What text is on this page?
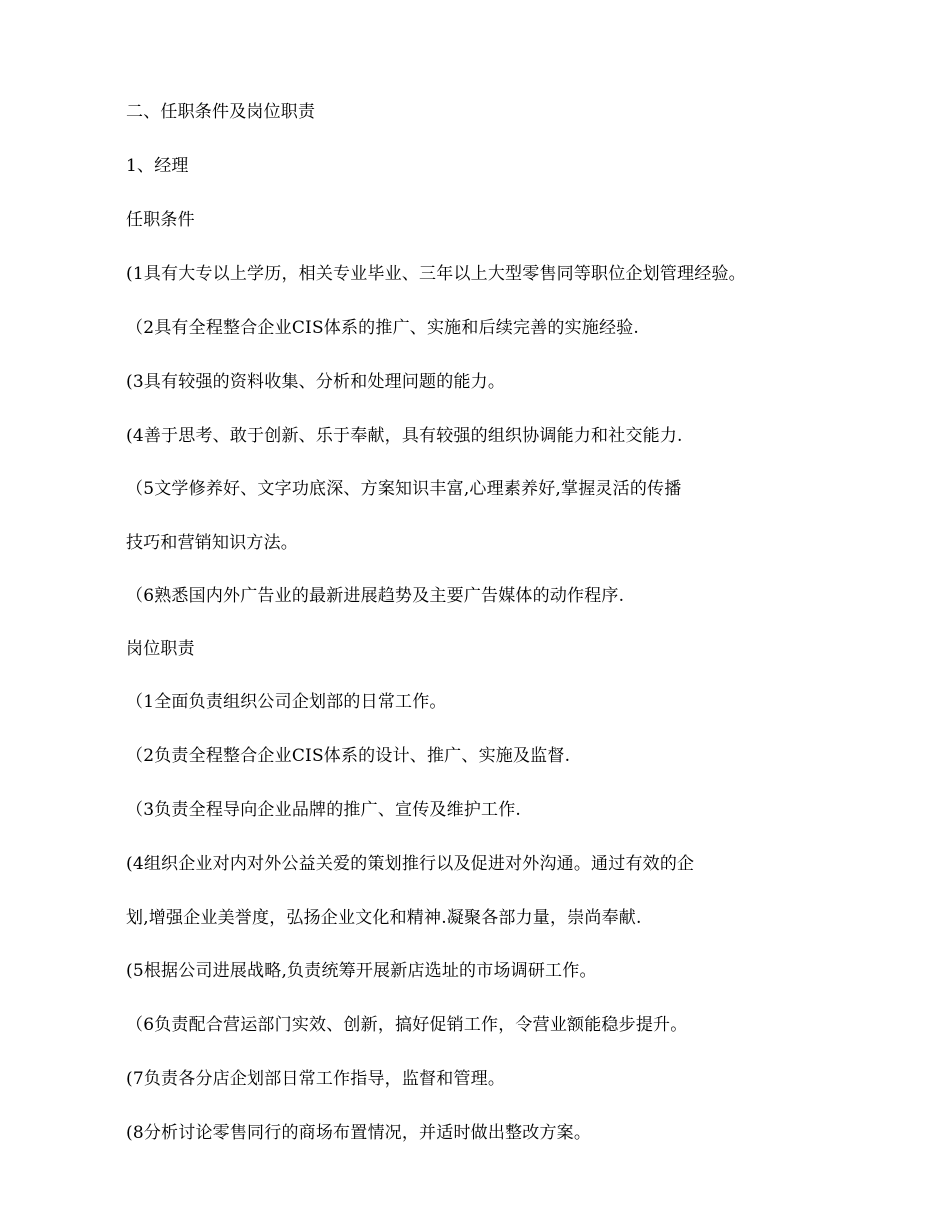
二、任职条件及岗位职责
1、经理
任职条件
(1具有大专以上学历，相关专业毕业、三年以上大型零售同等职位企划管理经验。
（2具有全程整合企业CIS体系的推广、实施和后续完善的实施经验.
(3具有较强的资料收集、分析和处理问题的能力。
(4善于思考、敢于创新、乐于奉献，具有较强的组织协调能力和社交能力.
（5文学修养好、文字功底深、方案知识丰富,心理素养好,掌握灵活的传播
技巧和营销知识方法。
（6熟悉国内外广告业的最新进展趋势及主要广告媒体的动作程序.
岗位职责
（1全面负责组织公司企划部的日常工作。
（2负责全程整合企业CIS体系的设计、推广、实施及监督.
（3负责全程导向企业品牌的推广、宣传及维护工作.
(4组织企业对内对外公益关爱的策划推行以及促进对外沟通。通过有效的企
划,增强企业美誉度，弘扬企业文化和精神.凝聚各部力量，崇尚奉献.
(5根据公司进展战略,负责统筹开展新店选址的市场调研工作。
（6负责配合营运部门实效、创新，搞好促销工作，令营业额能稳步提升。
(7负责各分店企划部日常工作指导，监督和管理。
(8分析讨论零售同行的商场布置情况，并适时做出整改方案。
